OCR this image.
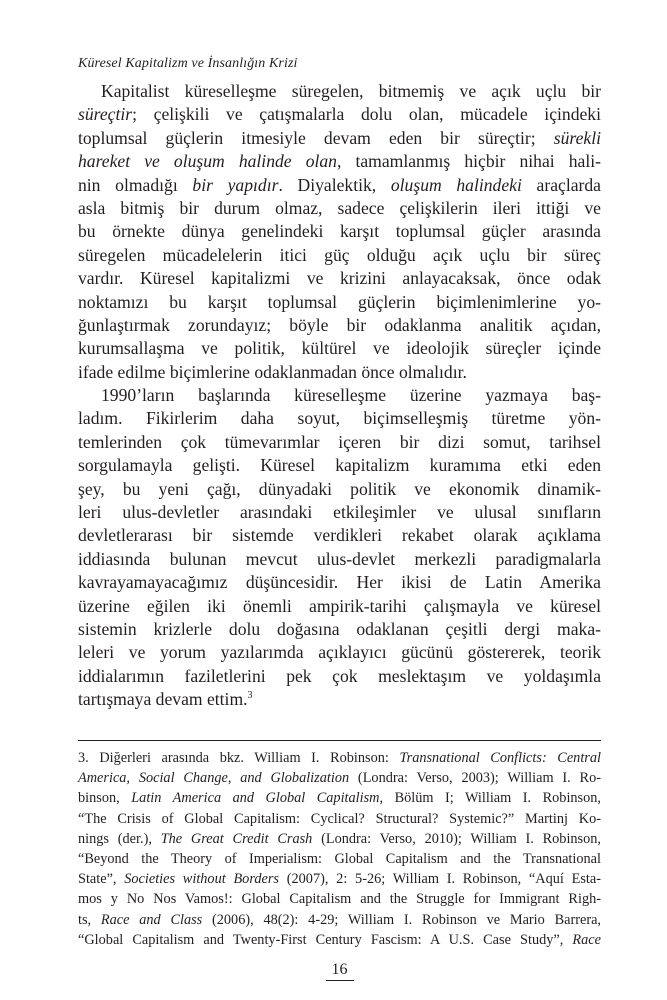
Küresel Kapitalizm ve İnsanlığın Krizi
Kapitalist küreselleşme süregelen, bitmemiş ve açık uçlu bir
süreçtir; çelişkili ve çatışmalarla dolu olan, mücadele içindeki
toplumsal güçlerin itmesiyle devam eden bir süreçtir; sürekli
hareket ve oluşum halinde olan, tamamlanmış hiçbir nihai hali-
nin olmadığı bir yapıdır. Diyalektik, oluşum halindeki araçlarda
asla bitmiş bir durum olmaz, sadece çelişkilerin ileri ittiği ve
bu örnekte dünya genelindeki karşıt toplumsal güçler arasında
süregelen mücadelelerin itici güç olduğu açık uçlu bir süreç
vardır. Küresel kapitalizmi ve krizini anlayacaksak, önce odak
noktamızı bu karşıt toplumsal güçlerin biçimlenimlerine yo-
ğunlaştırmak zorundayız; böyle bir odaklanma analitik açıdan,
kurumsallaşma ve politik, kültürel ve ideolojik süreçler içinde
ifade edilme biçimlerine odaklanmadan önce olmalıdır.
1990’ların başlarında küreselleşme üzerine yazmaya baş-
ladım. Fikirlerim daha soyut, biçimselleşmiş türetme yön-
temlerinden çok tümevarımlar içeren bir dizi somut, tarihsel
sorgulamayla gelişti. Küresel kapitalizm kuramıma etki eden
şey, bu yeni çağı, dünyadaki politik ve ekonomik dinamik-
leri ulus-devletler arasındaki etkileşimler ve ulusal sınıfların
devletlerarası bir sistemde verdikleri rekabet olarak açıklama
iddiasında bulunan mevcut ulus-devlet merkezli paradigmalarla
kavrayamayacağımız düşüncesidir. Her ikisi de Latin Amerika
üzerine eğilen iki önemli ampirik-tarihi çalışmayla ve küresel
sistemin krizlerle dolu doğasına odaklanan çeşitli dergi maka-
leleri ve yorum yazılarımda açıklayıcı gücünü göstererek, teorik
iddialarımın faziletlerini pek çok meslektaşım ve yoldaşımla
tartışmaya devam ettim.$^3$
3. Diğerleri arasında bkz. William I. Robinson: Transnational Conflicts: Central
America, Social Change, and Globalization (Londra: Verso, 2003); William I. Ro-
binson, Latin America and Global Capitalism, Bölüm I; William I. Robinson,
“The Crisis of Global Capitalism: Cyclical? Structural? Systemic?” Martinj Ko-
nings (der.), The Great Credit Crash (Londra: Verso, 2010); William I. Robinson,
“Beyond the Theory of Imperialism: Global Capitalism and the Transnational
State”, Societies without Borders (2007), 2: 5-26; William I. Robinson, “Aquí Esta-
mos y No Nos Vamos!: Global Capitalism and the Struggle for Immigrant Righ-
ts, Race and Class (2006), 48(2): 4-29; William I. Robinson ve Mario Barrera,
“Global Capitalism and Twenty-First Century Fascism: A U.S. Case Study”, Race
16
